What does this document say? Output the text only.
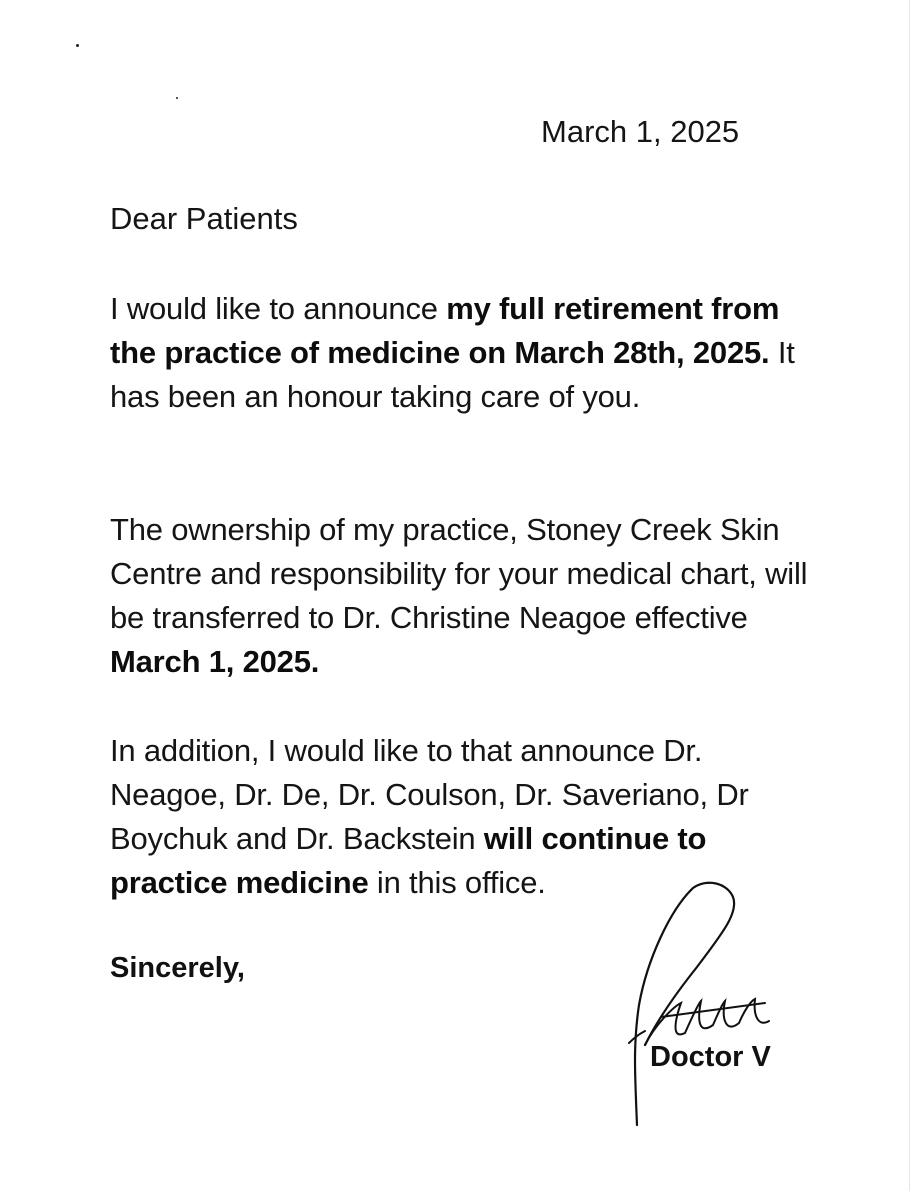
March 1, 2025
Dear Patients

I would like to announce my full retirement from the practice of medicine on March 28th, 2025. It has been an honour taking care of you.

The ownership of my practice, Stoney Creek Skin Centre and responsibility for your medical chart, will be transferred to Dr. Christine Neagoe effective March 1, 2025.

In addition, I would like to that announce Dr. Neagoe, Dr. De, Dr. Coulson, Dr. Saveriano, Dr Boychuk and Dr. Backstein will continue to practice medicine in this office.

Sincerely,
Doctor V
